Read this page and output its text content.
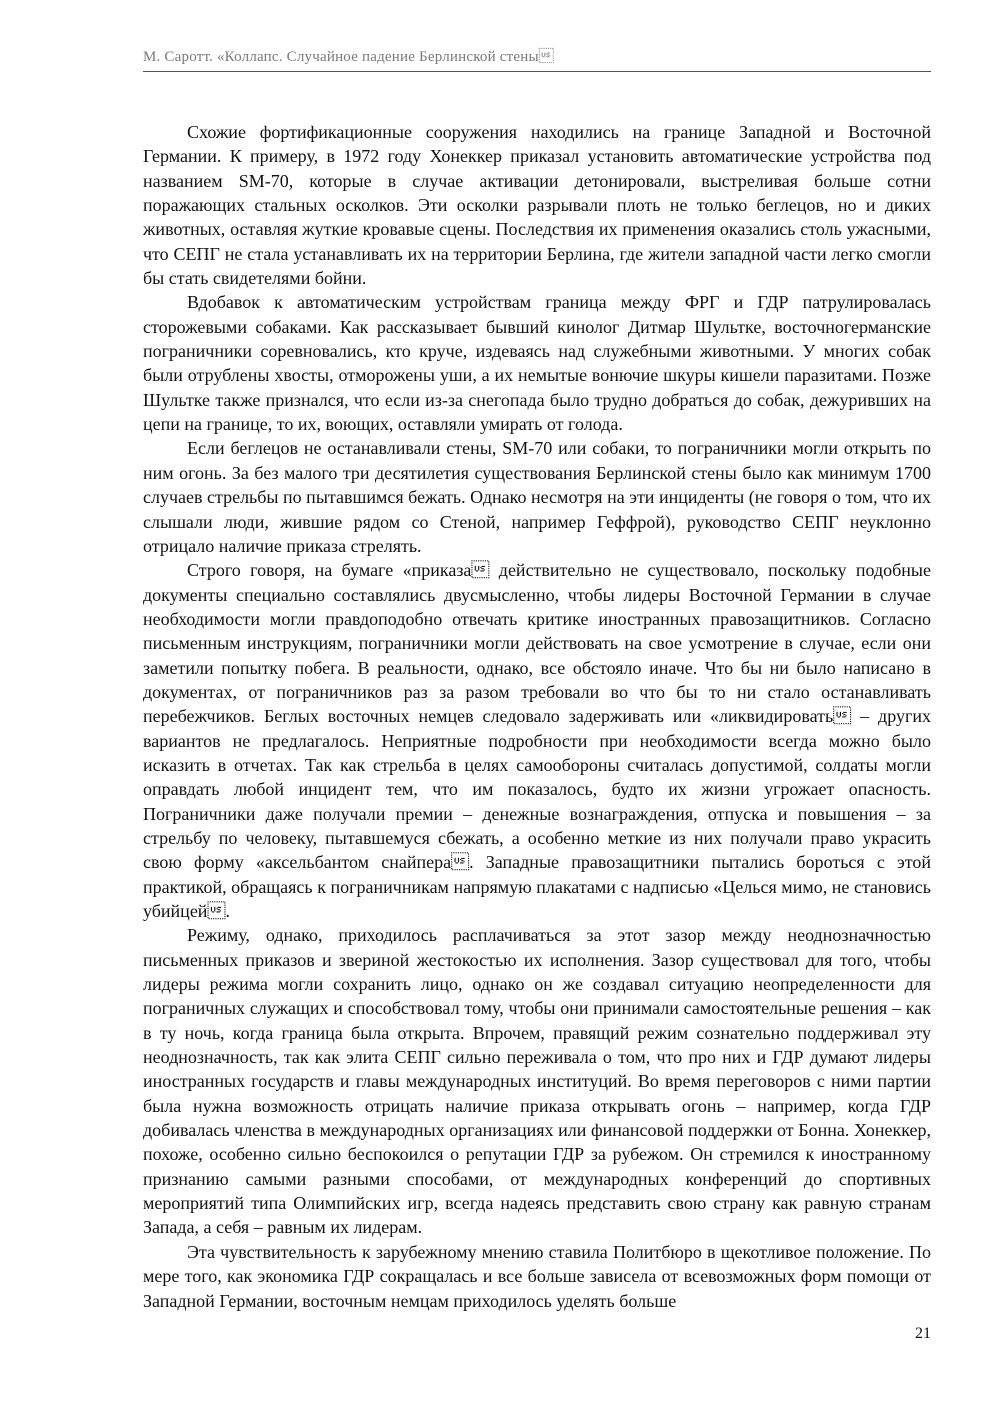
М. Саротт. «Коллапс. Случайное падение Берлинской стены

Схожие фортификационные сооружения находились на границе Западной и Восточной Германии. К примеру, в 1972 году Хонеккер приказал установить автоматические устройства под названием SM-70, которые в случае активации детонировали, выстреливая больше сотни поражающих стальных осколков. Эти осколки разрывали плоть не только беглецов, но и диких животных, оставляя жуткие кровавые сцены. Последствия их применения оказались столь ужасными, что СЕПГ не стала устанавливать их на территории Берлина, где жители западной части легко смогли бы стать свидетелями бойни.

Вдобавок к автоматическим устройствам граница между ФРГ и ГДР патрулировалась сторожевыми собаками. Как рассказывает бывший кинолог Дитмар Шультке, восточногерманские пограничники соревновались, кто круче, издеваясь над служебными животными. У многих собак были отрублены хвосты, отморожены уши, а их немытые вонючие шкуры кишели паразитами. Позже Шультке также признался, что если из-за снегопада было трудно добраться до собак, дежуривших на цепи на границе, то их, воющих, оставляли умирать от голода.

Если беглецов не останавливали стены, SM-70 или собаки, то пограничники могли открыть по ним огонь. За без малого три десятилетия существования Берлинской стены было как минимум 1700 случаев стрельбы по пытавшимся бежать. Однако несмотря на эти инциденты (не говоря о том, что их слышали люди, жившие рядом со Стеной, например Геффрой), руководство СЕПГ неуклонно отрицало наличие приказа стрелять.

Строго говоря, на бумаге «приказа действительно не существовало, поскольку подобные документы специально составлялись двусмысленно, чтобы лидеры Восточной Германии в случае необходимости могли правдоподобно отвечать критике иностранных правозащитников. Согласно письменным инструкциям, пограничники могли действовать на свое усмотрение в случае, если они заметили попытку побега. В реальности, однако, все обстояло иначе. Что бы ни было написано в документах, от пограничников раз за разом требовали во что бы то ни стало останавливать перебежчиков. Беглых восточных немцев следовало задерживать или «ликвидировать – других вариантов не предлагалось. Неприятные подробности при необходимости всегда можно было исказить в отчетах. Так как стрельба в целях самообороны считалась допустимой, солдаты могли оправдать любой инцидент тем, что им показалось, будто их жизни угрожает опасность. Пограничники даже получали премии – денежные вознаграждения, отпуска и повышения – за стрельбу по человеку, пытавшемуся сбежать, а особенно меткие из них получали право украсить свою форму «аксельбантом снайпера. Западные правозащитники пытались бороться с этой практикой, обращаясь к пограничникам напрямую плакатами с надписью «Целься мимо, не становись убийцей.

Режиму, однако, приходилось расплачиваться за этот зазор между неоднозначностью письменных приказов и звериной жестокостью их исполнения. Зазор существовал для того, чтобы лидеры режима могли сохранить лицо, однако он же создавал ситуацию неопределенности для пограничных служащих и способствовал тому, чтобы они принимали самостоятельные решения – как в ту ночь, когда граница была открыта. Впрочем, правящий режим сознательно поддерживал эту неоднозначность, так как элита СЕПГ сильно переживала о том, что про них и ГДР думают лидеры иностранных государств и главы международных институций. Во время переговоров с ними партии была нужна возможность отрицать наличие приказа открывать огонь – например, когда ГДР добивалась членства в международных организациях или финансовой поддержки от Бонна. Хонеккер, похоже, особенно сильно беспокоился о репутации ГДР за рубежом. Он стремился к иностранному признанию самыми разными способами, от международных конференций до спортивных мероприятий типа Олимпийских игр, всегда надеясь представить свою страну как равную странам Запада, а себя – равным их лидерам.

Эта чувствительность к зарубежному мнению ставила Политбюро в щекотливое положение. По мере того, как экономика ГДР сокращалась и все больше зависела от всевозможных форм помощи от Западной Германии, восточным немцам приходилось уделять больше

21
